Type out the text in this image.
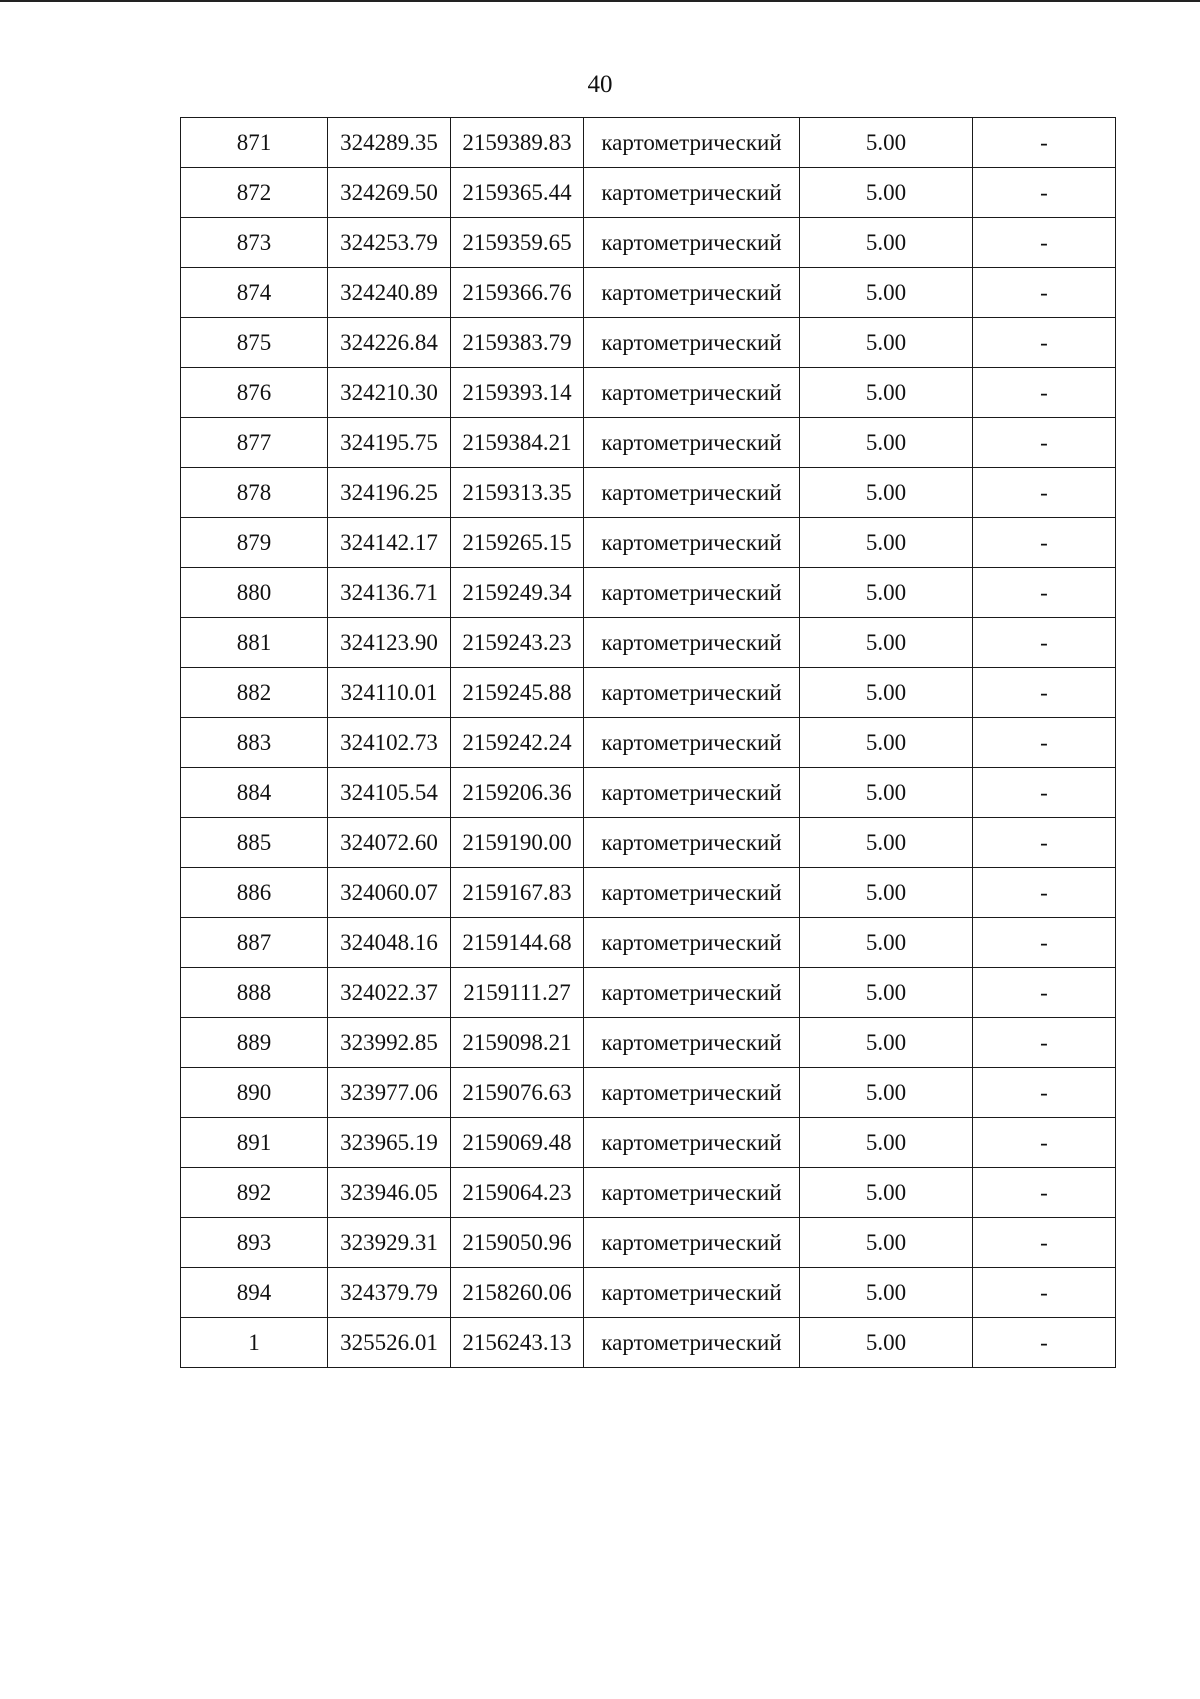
40
871	324289.35	2159389.83	картометрический	5.00	-
872	324269.50	2159365.44	картометрический	5.00	-
873	324253.79	2159359.65	картометрический	5.00	-
874	324240.89	2159366.76	картометрический	5.00	-
875	324226.84	2159383.79	картометрический	5.00	-
876	324210.30	2159393.14	картометрический	5.00	-
877	324195.75	2159384.21	картометрический	5.00	-
878	324196.25	2159313.35	картометрический	5.00	-
879	324142.17	2159265.15	картометрический	5.00	-
880	324136.71	2159249.34	картометрический	5.00	-
881	324123.90	2159243.23	картометрический	5.00	-
882	324110.01	2159245.88	картометрический	5.00	-
883	324102.73	2159242.24	картометрический	5.00	-
884	324105.54	2159206.36	картометрический	5.00	-
885	324072.60	2159190.00	картометрический	5.00	-
886	324060.07	2159167.83	картометрический	5.00	-
887	324048.16	2159144.68	картометрический	5.00	-
888	324022.37	2159111.27	картометрический	5.00	-
889	323992.85	2159098.21	картометрический	5.00	-
890	323977.06	2159076.63	картометрический	5.00	-
891	323965.19	2159069.48	картометрический	5.00	-
892	323946.05	2159064.23	картометрический	5.00	-
893	323929.31	2159050.96	картометрический	5.00	-
894	324379.79	2158260.06	картометрический	5.00	-
1	325526.01	2156243.13	картометрический	5.00	-
